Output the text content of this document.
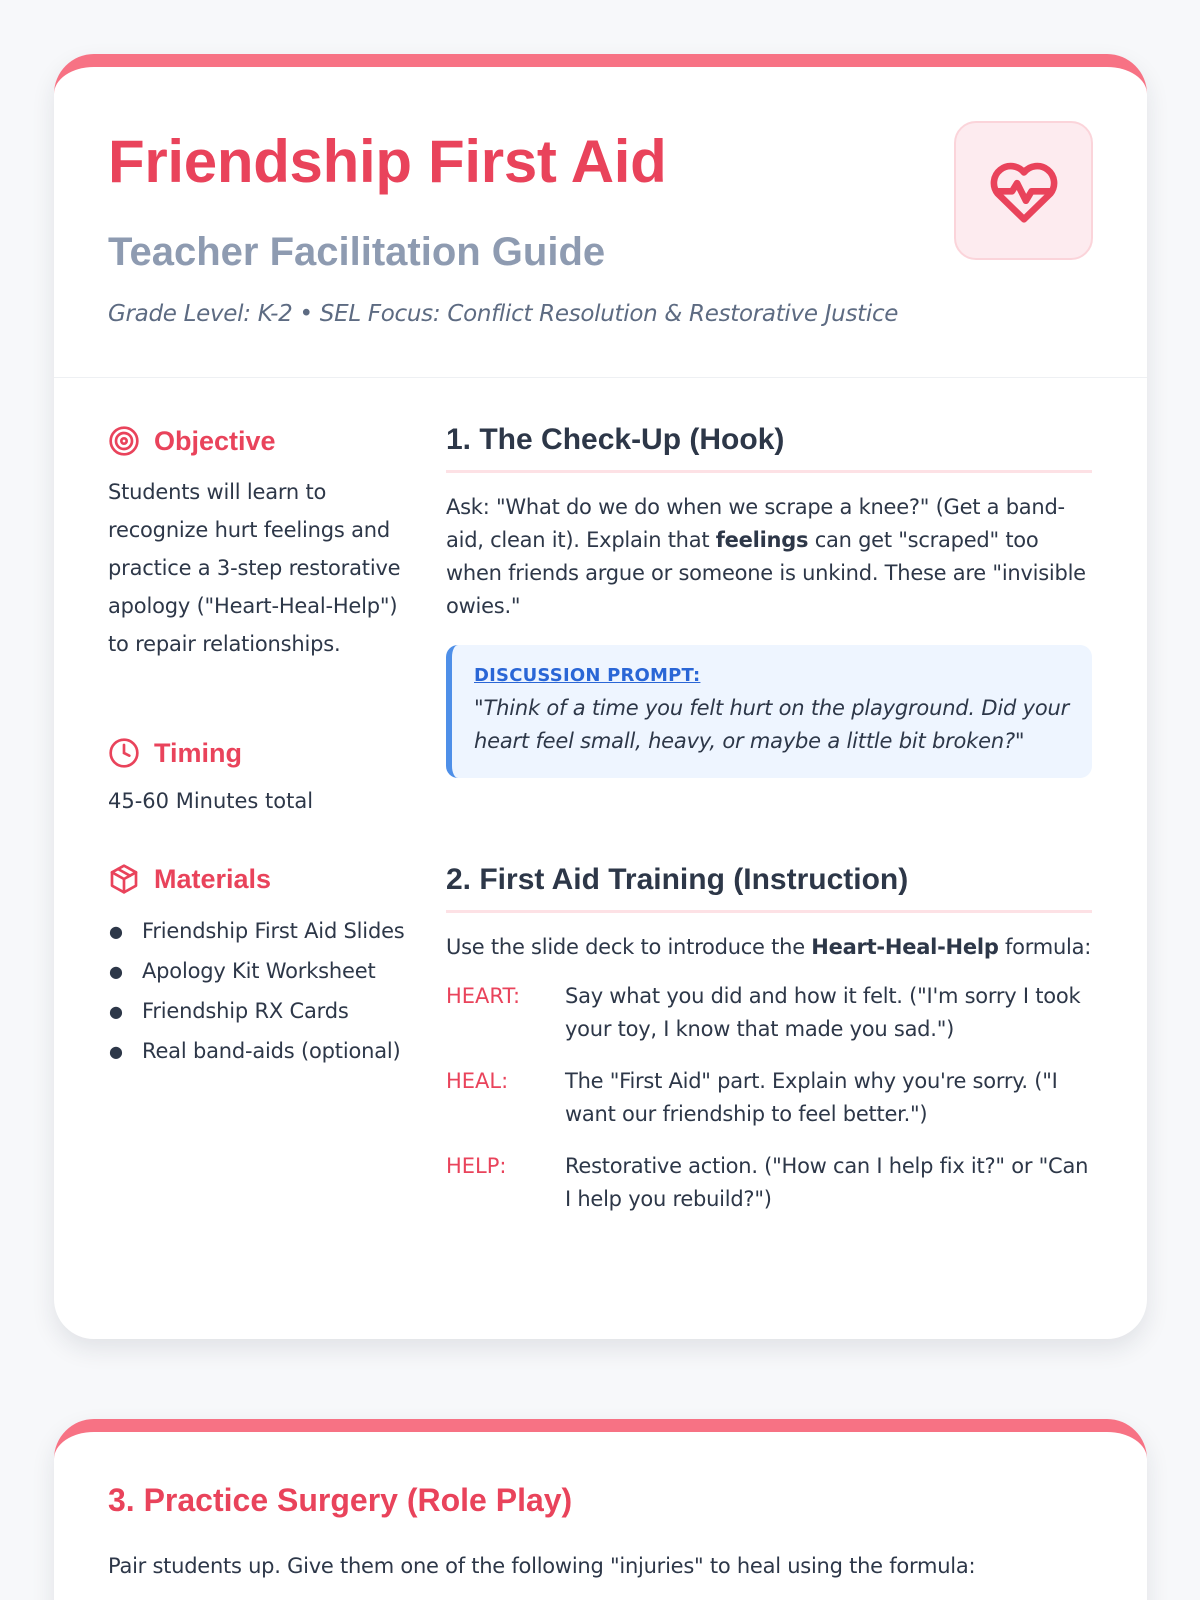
Friendship First Aid
Teacher Facilitation Guide
Grade Level: K-2 • SEL Focus: Conflict Resolution & Restorative Justice
Objective
Students will learn to recognize hurt feelings and practice a 3-step restorative apology ("Heart-Heal-Help") to repair relationships.
Timing
45-60 Minutes total
Materials
● Friendship First Aid Slides
● Apology Kit Worksheet
● Friendship RX Cards
● Real band-aids (optional)
1. The Check-Up (Hook)

Ask: "What do we do when we scrape a knee?" (Get a band-aid, clean it). Explain that feelings can get "scraped" too when friends argue or someone is unkind. These are "invisible owies."

DISCUSSION PROMPT:
"Think of a time you felt hurt on the playground. Did your heart feel small, heavy, or maybe a little bit broken?"
2. First Aid Training (Instruction)

Use the slide deck to introduce the Heart-Heal-Help formula:

HEART:	Say what you did and how it felt. ("I'm sorry I took your toy, I know that made you sad.")
HEAL:	The "First Aid" part. Explain why you're sorry. ("I want our friendship to feel better.")
HELP:	Restorative action. ("How can I help fix it?" or "Can I help you rebuild?")
3. Practice Surgery (Role Play)
Pair students up. Give them one of the following "injuries" to heal using the formula:
